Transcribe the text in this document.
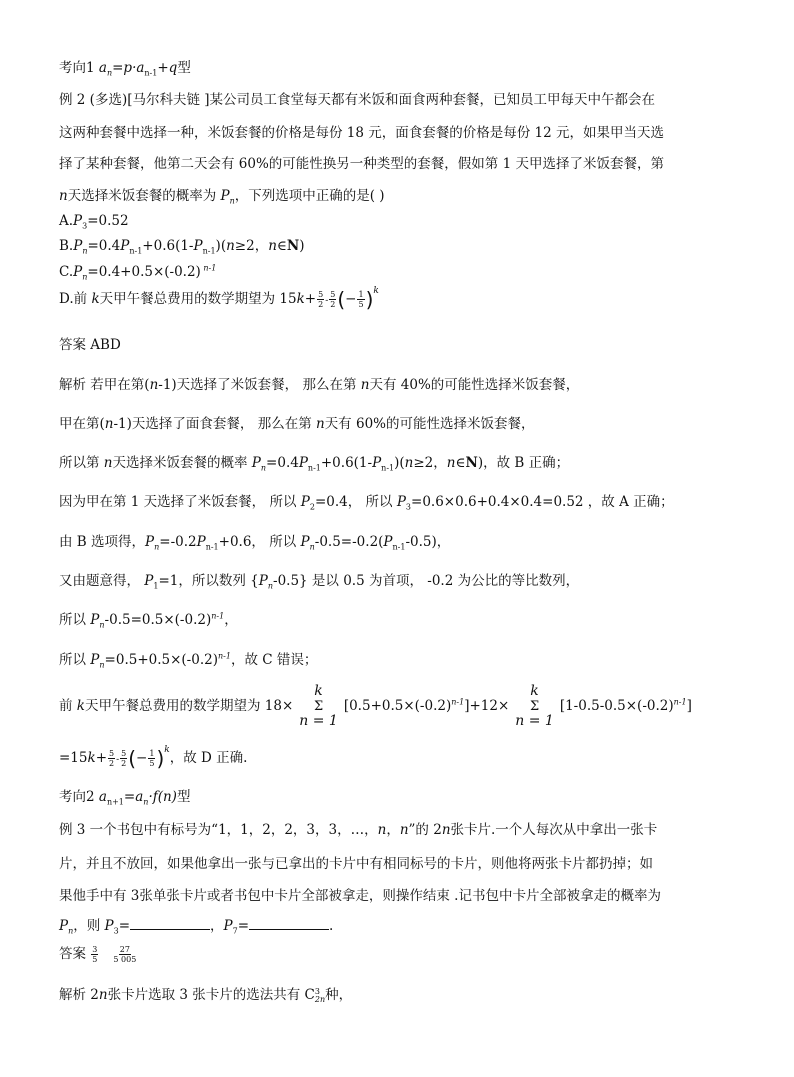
考向1 $a_n=p\cdot a_{n-1}+q$型
例 2 (多选)[马尔科夫链 ]某公司员工食堂每天都有米饭和面食两种套餐，已知员工甲每天中午都会在
这两种套餐中选择一种，米饭套餐的价格是每份 18 元，面食套餐的价格是每份 12 元，如果甲当天选
择了某种套餐，他第二天会有 60%的可能性换另一种类型的套餐，假如第 1 天甲选择了米饭套餐，第
n天选择米饭套餐的概率为 $P_n$，下列选项中正确的是( )
$A.P_3=0.52$
$B.P_n=0.4P_{n-1}+0.6(1-P_{n-1})(n\ge 2$，n∈N)
$C.P_n=0.4+0.5\times(-0.2)$ $^{n-1}$
D.前 k天甲午餐总费用的数学期望为 $15k+ \frac{5}{2} - \frac{5}{2}$ (− $\frac{1}{5} )^k$
答案 ABD
解析 若甲在第(n-1)天选择了米饭套餐， 那么在第 n天有 40%的可能性选择米饭套餐，
甲在第(n-1)天选择了面食套餐， 那么在第 n天有 60%的可能性选择米饭套餐，
所以第 n天选择米饭套餐的概率 $P_n=0.4P_{n-1}+0.6(1-P_{n-1})(n\ge 2$，n∈N)，故 B 正确；
因为甲在第 1 天选择了米饭套餐， 所以 $P_2=0.4$， 所以 $P_3=0.6\times 0.6+0.4\times 0.4=0.52$ ，故 A 正确；
由 B 选项得，$P_n=-0.2P_{n-1}+0.6$， 所以 $P_n-0.5=-0.2(P_{n-1}-0.5)$，
又由题意得， $P_1=1$，所以数列 $\{P_n-0.5\}$ 是以 0.5 为首项， -0.2 为公比的等比数列，
所以 $P_n-0.5=0.5\times(-0.2)^{n-1}$，
所以 $P_n=0.5+0.5\times(-0.2)^{n-1}$，故 C 错误；
前 k天甲午餐总费用的数学期望为 18×
k
Σ
n = 1
$[0.5+0.5\times(-0.2)^{n-1}]+12\times$
k
Σ
n = 1
$[1-0.5-0.5\times(-0.2)^{n-1}]$
$=15k+ \frac{5}{2} - \frac{5}{2}$ (− $\frac{1}{5} )^k$，故 D 正确.
考向2 $a_{n+1}=a_n\cdot f(n)$型
例 3 一个书包中有标号为“1，1，2，2，3，3，…，n，n”的 2n张卡片.一个人每次从中拿出一张卡
片，并且不放回，如果他拿出一张与已拿出的卡片中有相同标号的卡片，则他将两张卡片都扔掉；如
果他手中有 3张单张卡片或者书包中卡片全部被拿走，则操作结束 .记书包中卡片全部被拿走的概率为
$P_n$，则 $P_3=$	，$P_7=$	.
答案 $\frac{3}{5} \frac{27}{5 005}$
解析 2n张卡片选取 3 张卡片的选法共有 C 3
2n 种，
